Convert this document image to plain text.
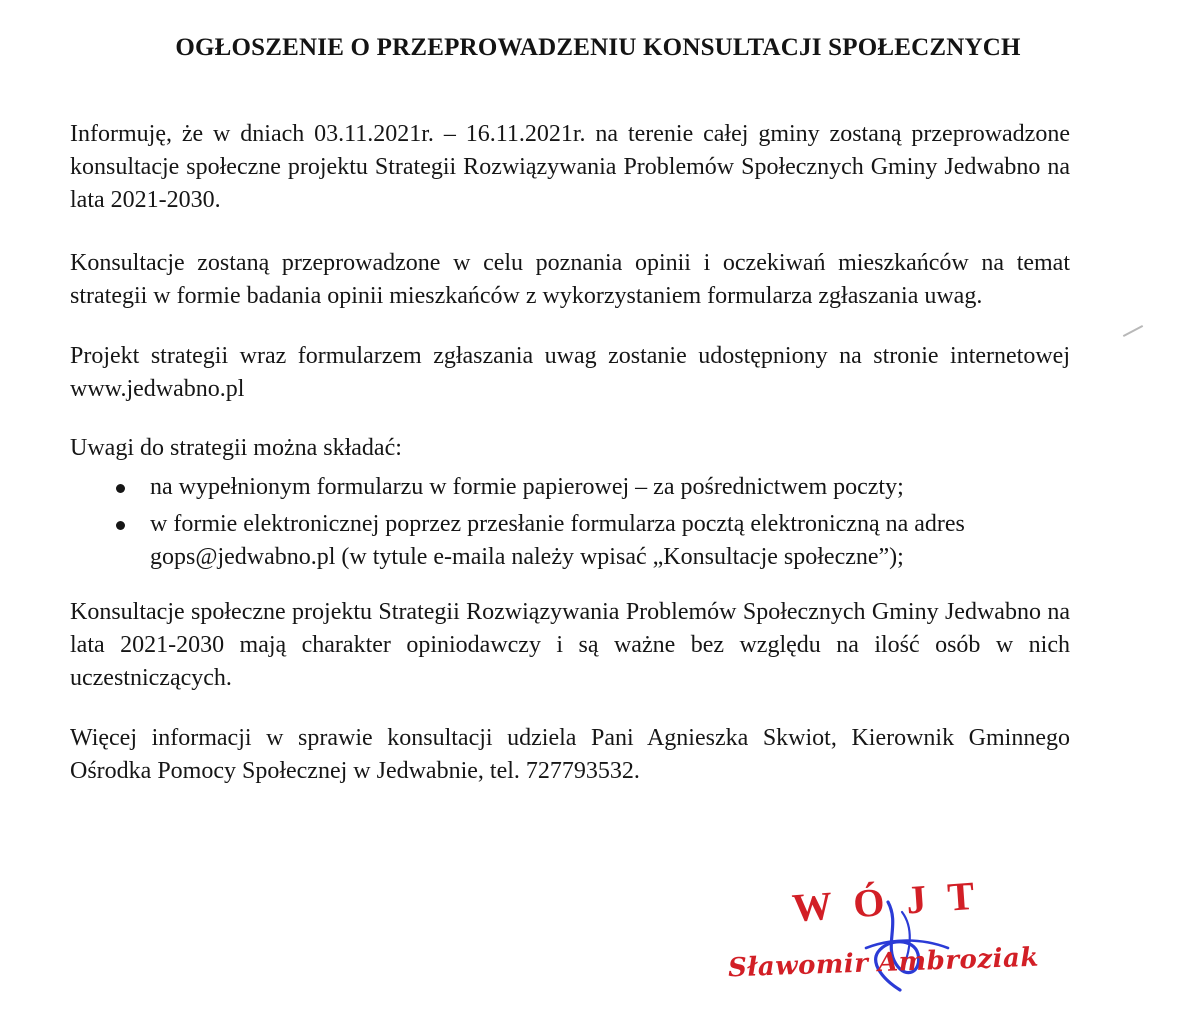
OGŁOSZENIE O PRZEPROWADZENIU KONSULTACJI SPOŁECZNYCH

Informuję, że w dniach 03.11.2021r. – 16.11.2021r. na terenie całej gminy zostaną przeprowadzone konsultacje społeczne projektu Strategii Rozwiązywania Problemów Społecznych Gminy Jedwabno na lata 2021-2030.

Konsultacje zostaną przeprowadzone w celu poznania opinii i oczekiwań mieszkańców na temat strategii w formie badania opinii mieszkańców z wykorzystaniem formularza zgłaszania uwag.

Projekt strategii wraz formularzem zgłaszania uwag zostanie udostępniony na stronie internetowej www.jedwabno.pl

Uwagi do strategii można składać:

na wypełnionym formularzu w formie papierowej – za pośrednictwem poczty;
w formie elektronicznej poprzez przesłanie formularza pocztą elektroniczną na adres gops@jedwabno.pl (w tytule e-maila należy wpisać „Konsultacje społeczne”);

Konsultacje społeczne projektu Strategii Rozwiązywania Problemów Społecznych Gminy Jedwabno na lata 2021-2030 mają charakter opiniodawczy i są ważne bez względu na ilość osób w nich uczestniczących.

Więcej informacji w sprawie konsultacji udziela Pani Agnieszka Skwiot, Kierownik Gminnego Ośrodka Pomocy Społecznej w Jedwabnie, tel. 727793532.

W Ó J T
Sławomir Ambroziak
